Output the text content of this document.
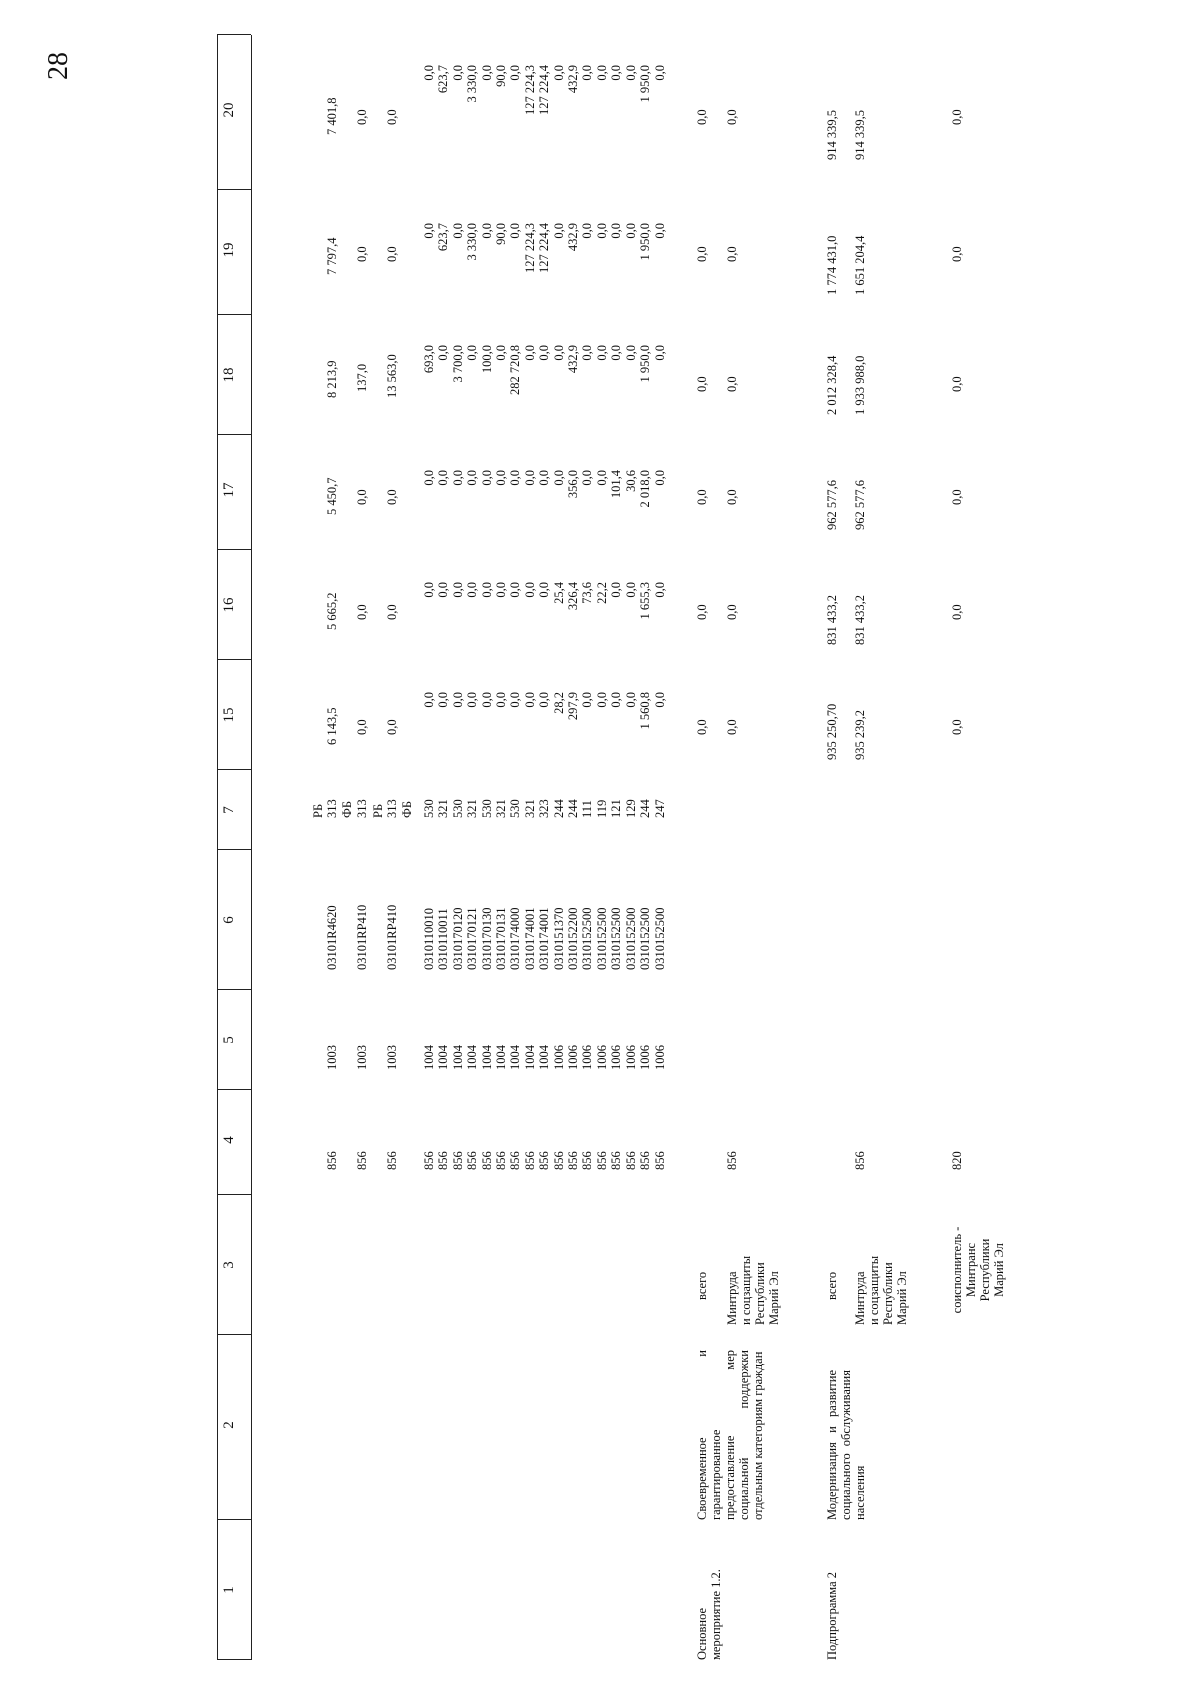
28
1
2
3
4
5
6
7
15
16
17
18
19
20
856
1003
03101R4620
РБ
313
ФБ
6 143,5
5 665,2
5 450,7
8 213,9
7 797,4
7 401,8
856
1003
03101RP410
313
0,0
0,0
0,0
137,0
0,0
0,0
856
1003
03101RP410
РБ
313
ФБ
0,0
0,0
0,0
13 563,0
0,0
0,0
856
856
856
856
856
856
856
856
856
856
856
856
856
856
856
856
856
1004
1004
1004
1004
1004
1004
1004
1004
1004
1006
1006
1006
1006
1006
1006
1006
1006
0310110010
0310110011
0310170120
0310170121
0310170130
0310170131
0310174000
0310174001
0310174001
0310151370
0310152200
0310152500
0310152500
0310152500
0310152500
0310152500
0310152500
530
321
530
321
530
321
530
321
323
244
244
111
119
121
129
244
247
0,0
0,0
0,0
0,0
0,0
0,0
0,0
0,0
0,0
28,2
297,9
0,0
0,0
0,0
0,0
1 560,8
0,0
0,0
0,0
0,0
0,0
0,0
0,0
0,0
0,0
0,0
25,4
326,4
73,6
22,2
0,0
0,0
1 655,3
0,0
0,0
0,0
0,0
0,0
0,0
0,0
0,0
0,0
0,0
0,0
356,0
0,0
0,0
101,4
30,6
2 018,0
0,0
693,0
0,0
3 700,0
0,0
100,0
0,0
282 720,8
0,0
0,0
0,0
432,9
0,0
0,0
0,0
0,0
1 950,0
0,0
0,0
623,7
0,0
3 330,0
0,0
90,0
0,0
127 224,3
127 224,4
0,0
432,9
0,0
0,0
0,0
0,0
1 950,0
0,0
0,0
623,7
0,0
3 330,0
0,0
90,0
0,0
127 224,3
127 224,4
0,0
432,9
0,0
0,0
0,0
0,0
1 950,0
0,0
Основное мероприятие 1.2.
Своевременное и гарантированное предоставление мер социальной поддержки отдельным категориям граждан
всего
0,0
0,0
0,0
0,0
0,0
0,0
Минтруда
и соцзащиты
Республики
Марий Эл
856
0,0
0,0
0,0
0,0
0,0
0,0
Подпрограмма 2
Модернизация и развитие социального обслуживания населения
всего
935 250,70
831 433,2
962 577,6
2 012 328,4
1 774 431,0
914 339,5
Минтруда
и соцзащиты
Республики
Марий Эл
856
935 239,2
831 433,2
962 577,6
1 933 988,0
1 651 204,4
914 339,5
соисполнитель -
Минтранс
Республики
Марий Эл
820
0,0
0,0
0,0
0,0
0,0
0,0
